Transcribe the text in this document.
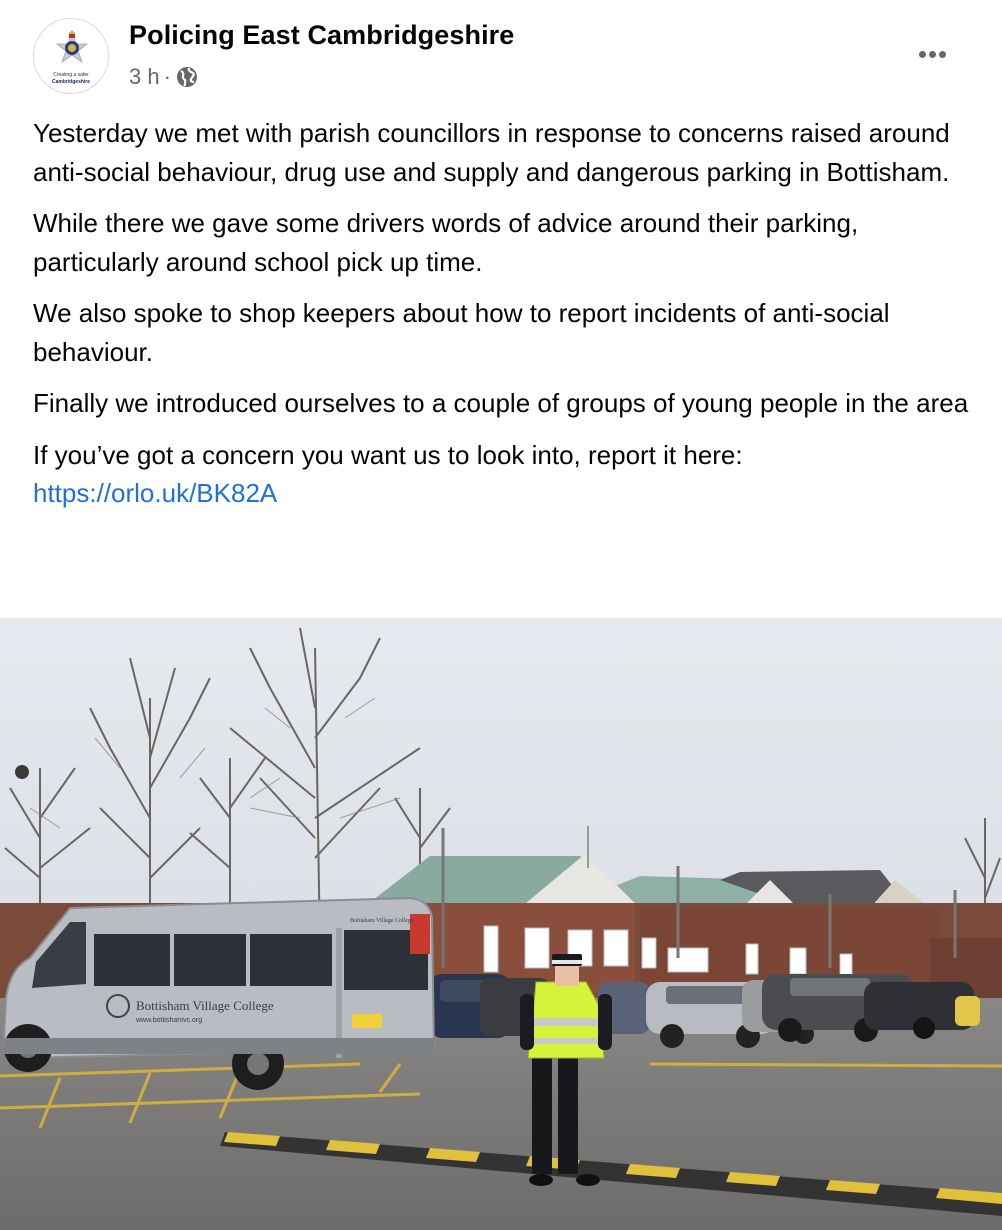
Creating a safer
Cambridgeshire
Policing East Cambridgeshire
3 h ·

Yesterday we met with parish councillors in response to concerns raised around anti-social behaviour, drug use and supply and dangerous parking in Bottisham.

While there we gave some drivers words of advice around their parking, particularly around school pick up time.

We also spoke to shop keepers about how to report incidents of anti-social behaviour.

Finally we introduced ourselves to a couple of groups of young people in the area

If you’ve got a concern you want us to look into, report it here:
https://orlo.uk/BK82A

Bottisham Village College
www.bottishamvc.org
Bottisham Village College
